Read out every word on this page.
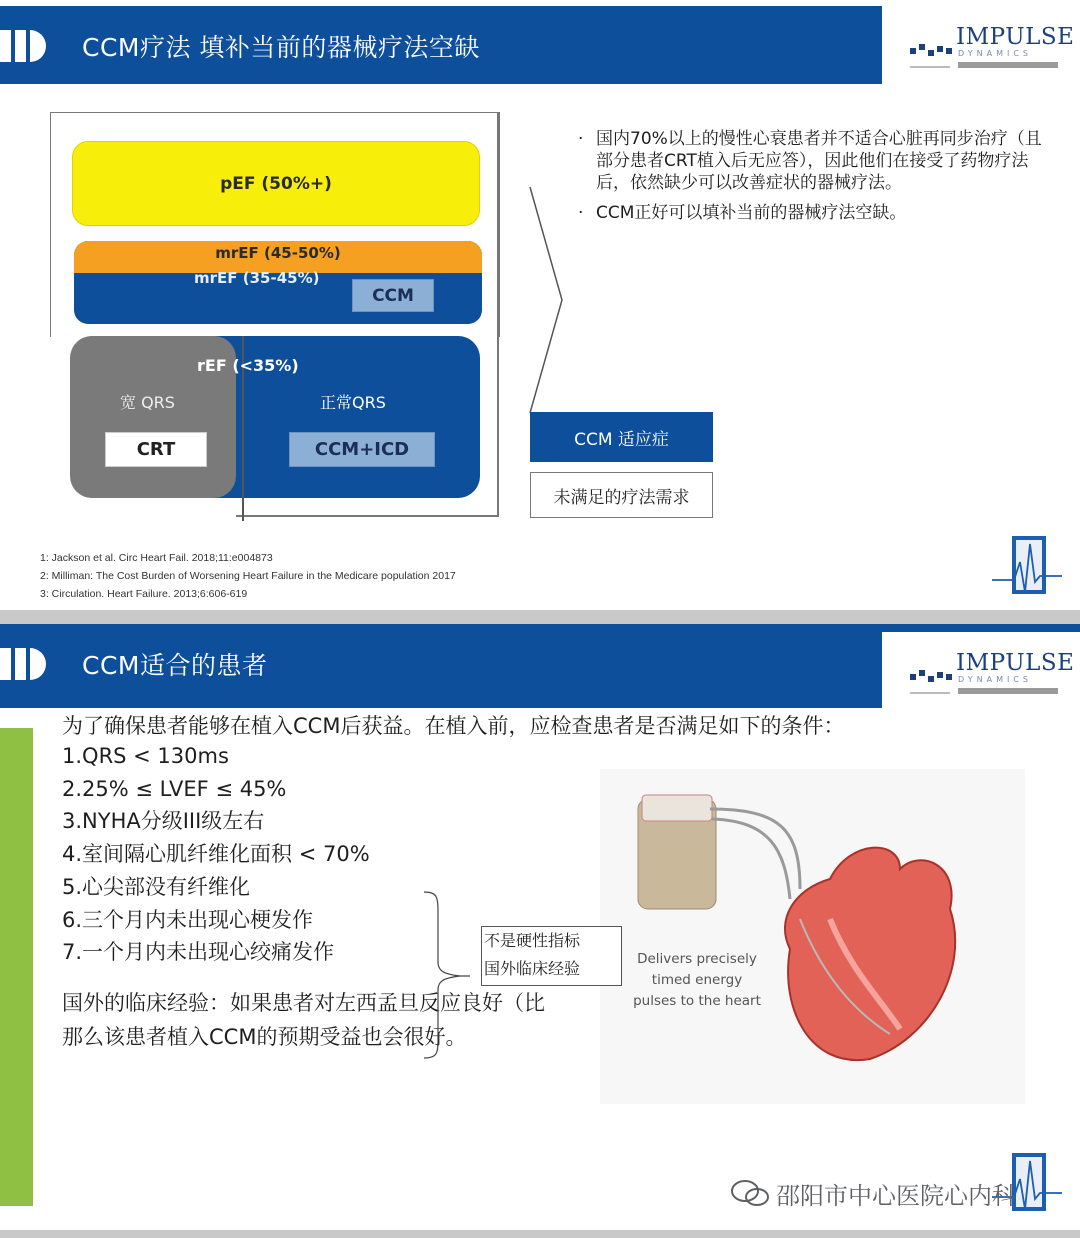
CCM疗法 填补当前的器械疗法空缺	IMPULSE
DYNAMICS
pEF (50%+)
mrEF (45-50%)
mrEF (35-45%)
CCM
rEF (<35%)
宽 QRS	正常QRS
CRT	CCM+ICD
· 国内70%以上的慢性心衰患者并不适合心脏再同步治疗（且部分患者CRT植入后无应答），因此他们在接受了药物疗法后，依然缺少可以改善症状的器械疗法。
· CCM正好可以填补当前的器械疗法空缺。
CCM 适应症
未满足的疗法需求
1: Jackson et al. Circ Heart Fail. 2018;11:e004873
2: Milliman: The Cost Burden of Worsening Heart Failure in the Medicare population 2017
3: Circulation. Heart Failure. 2013;6:606-619
CCM适合的患者	IMPULSE
DYNAMICS
为了确保患者能够在植入CCM后获益。在植入前，应检查患者是否满足如下的条件：
1.QRS < 130ms
2.25% ≤ LVEF ≤ 45%
3.NYHA分级III级左右
4.室间隔心肌纤维化面积 < 70%
5.心尖部没有纤维化
6.三个月内未出现心梗发作
7.一个月内未出现心绞痛发作
国外的临床经验：如果患者对左西孟旦反应良好（比
那么该患者植入CCM的预期受益也会很好。
Delivers precisely
timed energy
pulses to the heart
不是硬性指标
国外临床经验
邵阳市中心医院心内科
